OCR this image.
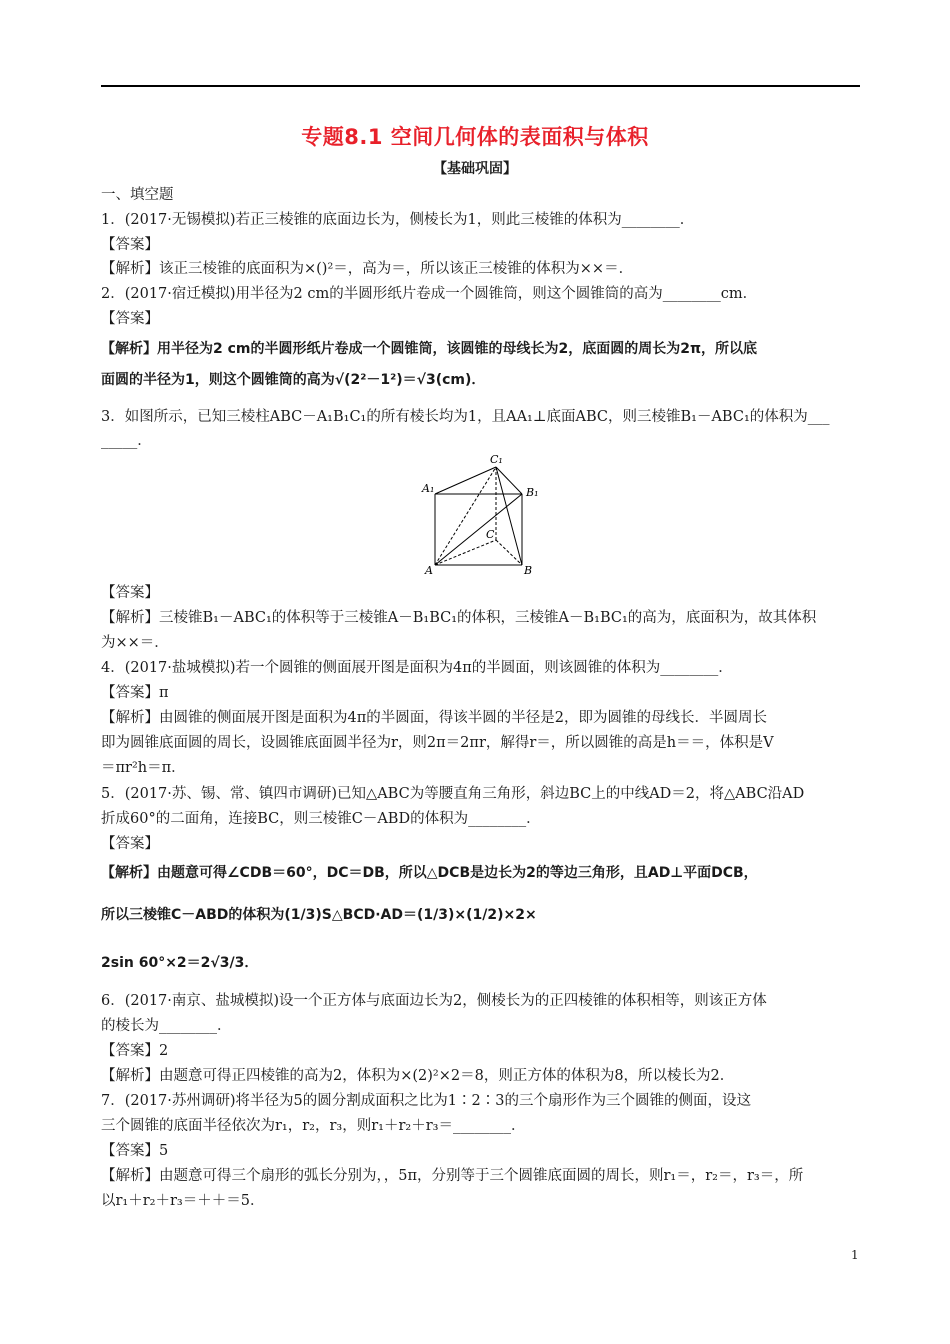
专题8.1 空间几何体的表面积与体积
【基础巩固】
一、填空题
1．(2017·无锡模拟)若正三棱锥的底面边长为，侧棱长为1，则此三棱锥的体积为________．
【答案】
【解析】该正三棱锥的底面积为×()²＝，高为＝，所以该正三棱锥的体积为××＝．
2．(2017·宿迁模拟)用半径为2 cm的半圆形纸片卷成一个圆锥筒，则这个圆锥筒的高为________cm．
【答案】
【解析】用半径为2 cm的半圆形纸片卷成一个圆锥筒，该圆锥的母线长为2，底面圆的周长为2π，所以底
面圆的半径为1，则这个圆锥筒的高为√(2²－1²)＝√3(cm)．
3．如图所示，已知三棱柱ABC－A₁B₁C₁的所有棱长均为1，且AA₁⊥底面ABC，则三棱锥B₁－ABC₁的体积为___
_____．
C₁
A₁	B₁
C
A	B
【答案】
【解析】三棱锥B₁－ABC₁的体积等于三棱锥A－B₁BC₁的体积，三棱锥A－B₁BC₁的高为，底面积为，故其体积
为××＝．
4．(2017·盐城模拟)若一个圆锥的侧面展开图是面积为4π的半圆面，则该圆锥的体积为________．
【答案】π
【解析】由圆锥的侧面展开图是面积为4π的半圆面，得该半圆的半径是2，即为圆锥的母线长．半圆周长
即为圆锥底面圆的周长，设圆锥底面圆半径为r，则2π＝2πr，解得r＝，所以圆锥的高是h＝＝，体积是V
＝πr²h＝π．
5．(2017·苏、锡、常、镇四市调研)已知△ABC为等腰直角三角形，斜边BC上的中线AD＝2，将△ABC沿AD
折成60°的二面角，连接BC，则三棱锥C－ABD的体积为________．
【答案】
【解析】由题意可得∠CDB＝60°，DC＝DB，所以△DCB是边长为2的等边三角形，且AD⊥平面DCB，
所以三棱锥C－ABD的体积为(1/3)S△BCD·AD＝(1/3)×(1/2)×2×
2sin 60°×2＝2√3/3．
6．(2017·南京、盐城模拟)设一个正方体与底面边长为2，侧棱长为的正四棱锥的体积相等，则该正方体
的棱长为________．
【答案】2
【解析】由题意可得正四棱锥的高为2，体积为×(2)²×2＝8，则正方体的体积为8，所以棱长为2．
7．(2017·苏州调研)将半径为5的圆分割成面积之比为1∶2∶3的三个扇形作为三个圆锥的侧面，设这
三个圆锥的底面半径依次为r₁，r₂，r₃，则r₁＋r₂＋r₃＝________．
【答案】5
【解析】由题意可得三个扇形的弧长分别为，，5π，分别等于三个圆锥底面圆的周长，则r₁＝，r₂＝，r₃＝，所
以r₁＋r₂＋r₃＝＋＋＝5．
1
